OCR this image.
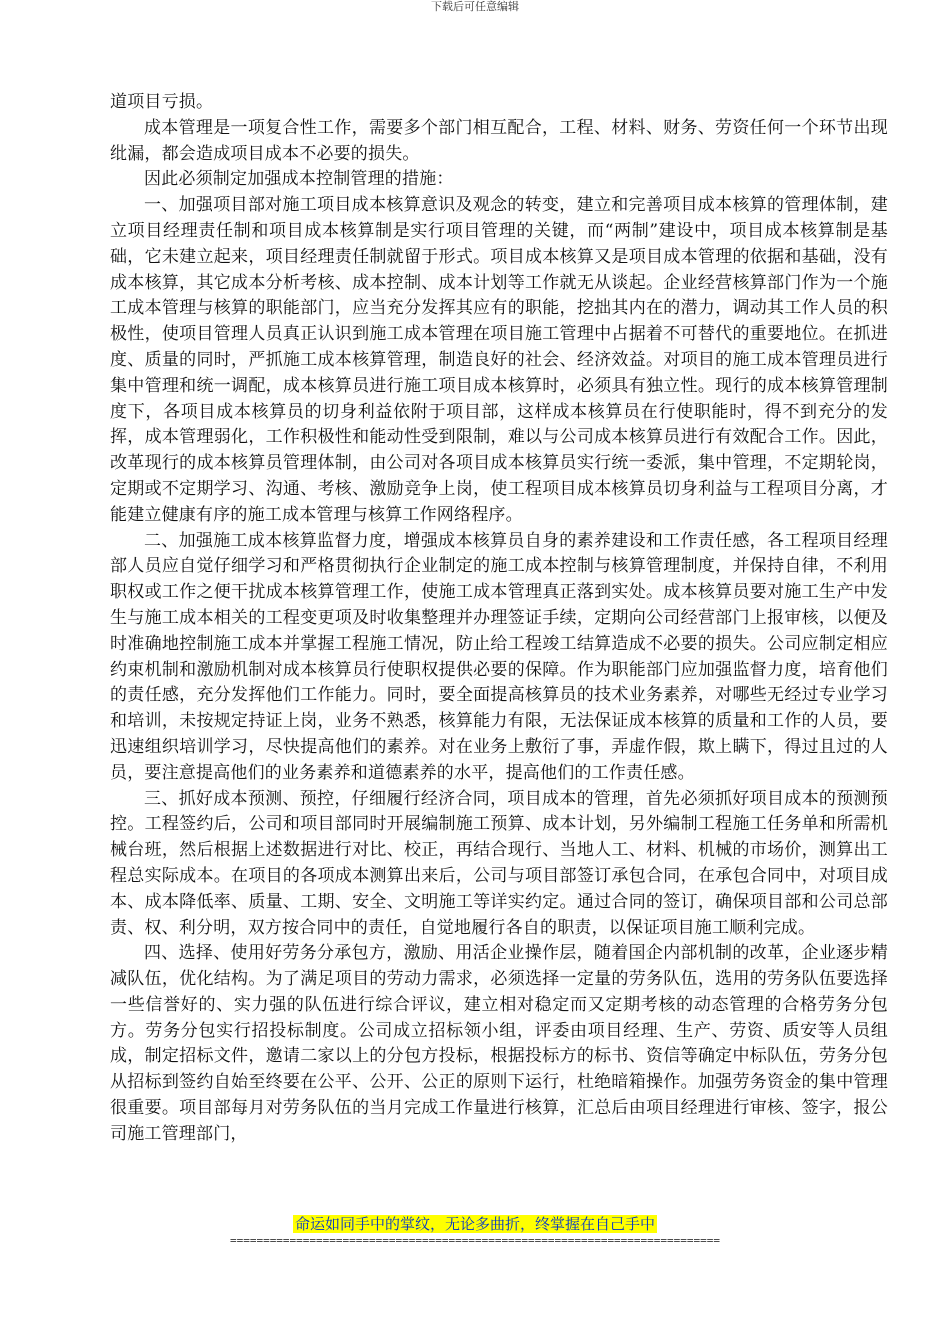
下载后可任意编辑

道项目亏损。

成本管理是一项复合性工作，需要多个部门相互配合，工程、材料、财务、劳资任何一个环节出现纰漏，都会造成项目成本不必要的损失。

因此必须制定加强成本控制管理的措施：

一、加强项目部对施工项目成本核算意识及观念的转变，建立和完善项目成本核算的管理体制，建立项目经理责任制和项目成本核算制是实行项目管理的关键，而“两制”建设中，项目成本核算制是基础，它未建立起来，项目经理责任制就留于形式。项目成本核算又是项目成本管理的依据和基础，没有成本核算，其它成本分析考核、成本控制、成本计划等工作就无从谈起。企业经营核算部门作为一个施工成本管理与核算的职能部门，应当充分发挥其应有的职能，挖拙其内在的潜力，调动其工作人员的积极性，使项目管理人员真正认识到施工成本管理在项目施工管理中占据着不可替代的重要地位。在抓进度、质量的同时，严抓施工成本核算管理，制造良好的社会、经济效益。对项目的施工成本管理员进行集中管理和统一调配，成本核算员进行施工项目成本核算时，必须具有独立性。现行的成本核算管理制度下，各项目成本核算员的切身利益依附于项目部，这样成本核算员在行使职能时，得不到充分的发挥，成本管理弱化，工作积极性和能动性受到限制，难以与公司成本核算员进行有效配合工作。因此，改革现行的成本核算员管理体制，由公司对各项目成本核算员实行统一委派，集中管理，不定期轮岗，定期或不定期学习、沟通、考核、激励竞争上岗，使工程项目成本核算员切身利益与工程项目分离，才能建立健康有序的施工成本管理与核算工作网络程序。

二、加强施工成本核算监督力度，增强成本核算员自身的素养建设和工作责任感，各工程项目经理部人员应自觉仔细学习和严格贯彻执行企业制定的施工成本控制与核算管理制度，并保持自律，不利用职权或工作之便干扰成本核算管理工作，使施工成本管理真正落到实处。成本核算员要对施工生产中发生与施工成本相关的工程变更项及时收集整理并办理签证手续，定期向公司经营部门上报审核，以便及时准确地控制施工成本并掌握工程施工情况，防止给工程竣工结算造成不必要的损失。公司应制定相应约束机制和激励机制对成本核算员行使职权提供必要的保障。作为职能部门应加强监督力度，培育他们的责任感，充分发挥他们工作能力。同时，要全面提高核算员的技术业务素养，对哪些无经过专业学习和培训，未按规定持证上岗，业务不熟悉，核算能力有限，无法保证成本核算的质量和工作的人员，要迅速组织培训学习，尽快提高他们的素养。对在业务上敷衍了事，弄虚作假，欺上瞒下，得过且过的人员，要注意提高他们的业务素养和道德素养的水平，提高他们的工作责任感。

三、抓好成本预测、预控，仔细履行经济合同，项目成本的管理，首先必须抓好项目成本的预测预控。工程签约后，公司和项目部同时开展编制施工预算、成本计划，另外编制工程施工任务单和所需机械台班，然后根据上述数据进行对比、校正，再结合现行、当地人工、材料、机械的市场价，测算出工程总实际成本。在项目的各项成本测算出来后，公司与项目部签订承包合同，在承包合同中，对项目成本、成本降低率、质量、工期、安全、文明施工等详实约定。通过合同的签订，确保项目部和公司总部责、权、利分明，双方按合同中的责任，自觉地履行各自的职责，以保证项目施工顺利完成。

四、选择、使用好劳务分承包方，激励、用活企业操作层，随着国企内部机制的改革，企业逐步精减队伍，优化结构。为了满足项目的劳动力需求，必须选择一定量的劳务队伍，选用的劳务队伍要选择一些信誉好的、实力强的队伍进行综合评议，建立相对稳定而又定期考核的动态管理的合格劳务分包方。劳务分包实行招投标制度。公司成立招标领小组，评委由项目经理、生产、劳资、质安等人员组成，制定招标文件，邀请二家以上的分包方投标，根据投标方的标书、资信等确定中标队伍，劳务分包从招标到签约自始至终要在公平、公开、公正的原则下运行，杜绝暗箱操作。加强劳务资金的集中管理很重要。项目部每月对劳务队伍的当月完成工作量进行核算，汇总后由项目经理进行审核、签字，报公司施工管理部门，

命运如同手中的掌纹，无论多曲折，终掌握在自己手中
==========================================================================
